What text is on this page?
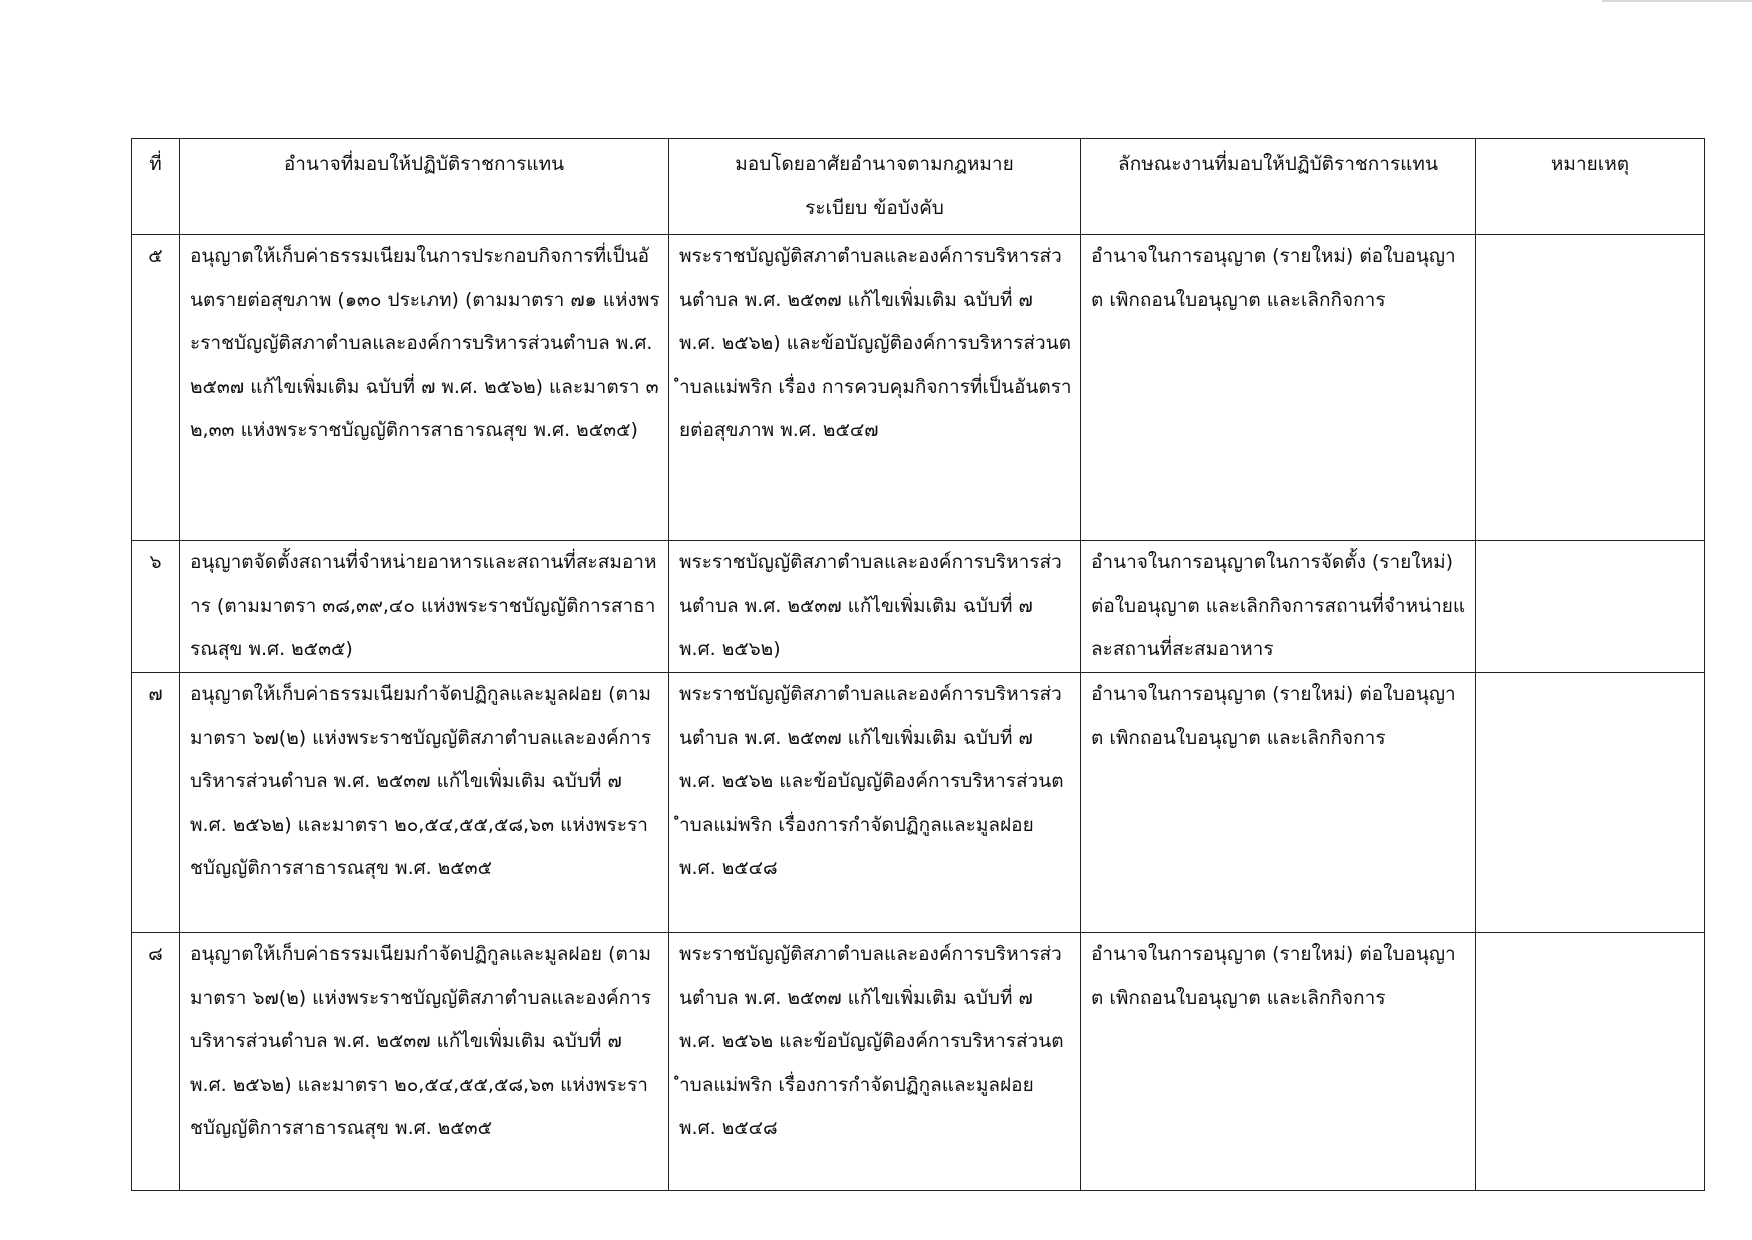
ที่	อำนาจที่มอบให้ปฏิบัติราชการแทน	มอบโดยอาศัยอำนาจตามกฎหมาย ระเบียบ ข้อบังคับ	ลักษณะงานที่มอบให้ปฏิบัติราชการแทน	หมายเหตุ

๕	อนุญาตให้เก็บค่าธรรมเนียมในการประกอบกิจการที่เป็นอันตรายต่อสุขภาพ (๑๓๐ ประเภท) (ตามมาตรา ๗๑ แห่งพระราชบัญญัติสภาตำบลและองค์การบริหารส่วนตำบล พ.ศ. ๒๕๓๗ แก้ไขเพิ่มเติม ฉบับที่ ๗ พ.ศ. ๒๕๖๒) และมาตรา ๓๒,๓๓ แห่งพระราชบัญญัติการสาธารณสุข พ.ศ. ๒๕๓๕)	พระราชบัญญัติสภาตำบลและองค์การบริหารส่วนตำบล พ.ศ. ๒๕๓๗ แก้ไขเพิ่มเติม ฉบับที่ ๗ พ.ศ. ๒๕๖๒) และข้อบัญญัติองค์การบริหารส่วนตำบลแม่พริก เรื่อง การควบคุมกิจการที่เป็นอันตรายต่อสุขภาพ พ.ศ. ๒๕๔๗	อำนาจในการอนุญาต (รายใหม่) ต่อใบอนุญาต เพิกถอนใบอนุญาต และเลิกกิจการ	
๖	อนุญาตจัดตั้งสถานที่จำหน่ายอาหารและสถานที่สะสมอาหาร (ตามมาตรา ๓๘,๓๙,๔๐ แห่งพระราชบัญญัติการสาธารณสุข พ.ศ. ๒๕๓๕)	พระราชบัญญัติสภาตำบลและองค์การบริหารส่วนตำบล พ.ศ. ๒๕๓๗ แก้ไขเพิ่มเติม ฉบับที่ ๗ พ.ศ. ๒๕๖๒)	อำนาจในการอนุญาตในการจัดตั้ง (รายใหม่) ต่อใบอนุญาต และเลิกกิจการสถานที่จำหน่ายและสถานที่สะสมอาหาร	
๗	อนุญาตให้เก็บค่าธรรมเนียมกำจัดปฏิกูลและมูลฝอย (ตามมาตรา ๖๗(๒) แห่งพระราชบัญญัติสภาตำบลและองค์การบริหารส่วนตำบล พ.ศ. ๒๕๓๗ แก้ไขเพิ่มเติม ฉบับที่ ๗ พ.ศ. ๒๕๖๒) และมาตรา ๒๐,๕๔,๕๕,๕๘,๖๓ แห่งพระราชบัญญัติการสาธารณสุข พ.ศ. ๒๕๓๕	พระราชบัญญัติสภาตำบลและองค์การบริหารส่วนตำบล พ.ศ. ๒๕๓๗ แก้ไขเพิ่มเติม ฉบับที่ ๗ พ.ศ. ๒๕๖๒ และข้อบัญญัติองค์การบริหารส่วนตำบลแม่พริก เรื่องการกำจัดปฏิกูลและมูลฝอย พ.ศ. ๒๕๔๘	อำนาจในการอนุญาต (รายใหม่) ต่อใบอนุญาต เพิกถอนใบอนุญาต และเลิกกิจการ	
๘	อนุญาตให้เก็บค่าธรรมเนียมกำจัดปฏิกูลและมูลฝอย (ตามมาตรา ๖๗(๒) แห่งพระราชบัญญัติสภาตำบลและองค์การบริหารส่วนตำบล พ.ศ. ๒๕๓๗ แก้ไขเพิ่มเติม ฉบับที่ ๗ พ.ศ. ๒๕๖๒) และมาตรา ๒๐,๕๔,๕๕,๕๘,๖๓ แห่งพระราชบัญญัติการสาธารณสุข พ.ศ. ๒๕๓๕	พระราชบัญญัติสภาตำบลและองค์การบริหารส่วนตำบล พ.ศ. ๒๕๓๗ แก้ไขเพิ่มเติม ฉบับที่ ๗ พ.ศ. ๒๕๖๒ และข้อบัญญัติองค์การบริหารส่วนตำบลแม่พริก เรื่องการกำจัดปฏิกูลและมูลฝอย พ.ศ. ๒๕๔๘	อำนาจในการอนุญาต (รายใหม่) ต่อใบอนุญาต เพิกถอนใบอนุญาต และเลิกกิจการ	
